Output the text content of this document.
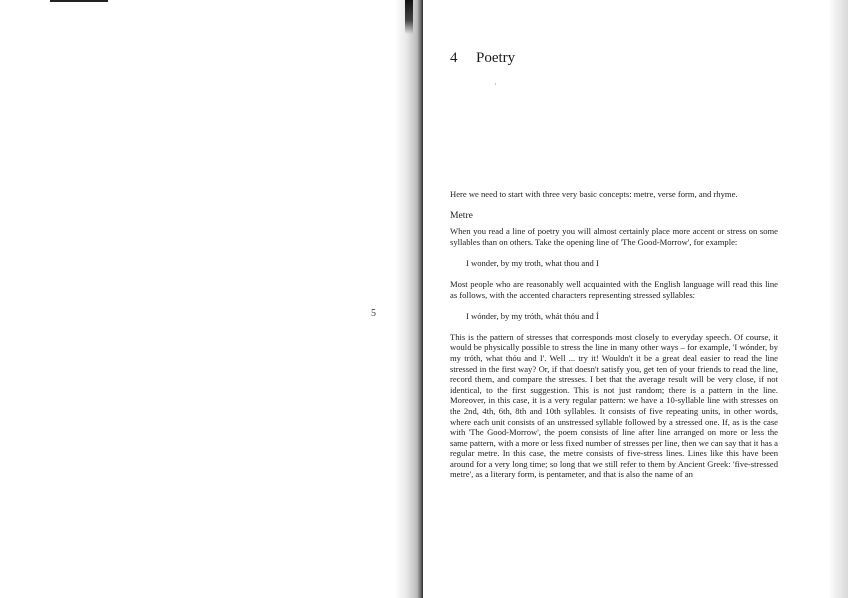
5
4 Poetry
·

Here we need to start with three very basic concepts: metre, verse form, and rhyme.

Metre

When you read a line of poetry you will almost certainly place more accent or stress on some syllables than on others. Take the opening line of 'The Good-Morrow', for example:

I wonder, by my troth, what thou and I

Most people who are reasonably well acquainted with the English language will read this line as follows, with the accented characters representing stressed syllables:

I wónder, by my tróth, whát thóu and Í

This is the pattern of stresses that corresponds most closely to everyday speech. Of course, it would be physically possible to stress the line in many other ways – for example, 'I wónder, by my tróth, what thóu and I'. Well ... try it! Wouldn't it be a great deal easier to read the line stressed in the first way? Or, if that doesn't satisfy you, get ten of your friends to read the line, record them, and compare the stresses. I bet that the average result will be very close, if not identical, to the first suggestion. This is not just random; there is a pattern in the line. Moreover, in this case, it is a very regular pattern: we have a 10-syllable line with stresses on the 2nd, 4th, 6th, 8th and 10th syllables. It consists of five repeating units, in other words, where each unit consists of an unstressed syllable followed by a stressed one. If, as is the case with 'The Good-Morrow', the poem consists of line after line arranged on more or less the same pattern, with a more or less fixed number of stresses per line, then we can say that it has a regular metre. In this case, the metre consists of five-stress lines. Lines like this have been around for a very long time; so long that we still refer to them by Ancient Greek: 'five-stressed metre', as a literary form, is pentameter, and that is also the name of an
